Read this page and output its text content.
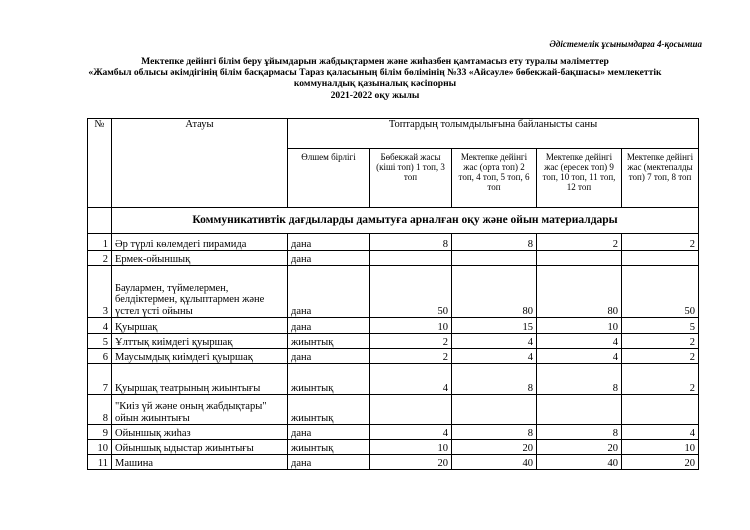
Әдістемелік ұсынымдарға 4-қосымша
Мектепке дейінгі білім беру ұйымдарын жабдықтармен және жиһазбен қамтамасыз ету туралы мәліметтер
«Жамбыл облысы әкімдігінің білім басқармасы Тараз қаласының білім бөлімінің №33 «Айсәуле» бөбекжай-бақшасы» мемлекеттік
коммуналдық қазыналық кәсіпорны
2021-2022 оқу жылы
№	Атауы	Топтардың толымдылығына байланысты саны				
		Өлшем бірлігі	Бөбекжай жасы (кіші топ) 1 топ, 3 топ	Мектепке дейінгі жас (орта топ) 2 топ, 4 топ, 5 топ, 6 топ	Мектепке дейінгі жас (ересек топ) 9 топ, 10 топ, 11 топ, 12 топ	Мектепке дейінгі жас (мектепалды топ) 7 топ, 8 топ
	Коммуникативтік дағдыларды дамытуға арналған оқу және ойын материалдары					
1	Әр түрлі көлемдегі пирамида	дана	8	8	2	2
2	Ермек-ойыншық	дана				
3	Баулармен, түймелермен, белдіктермен, құлыптармен және үстел үсті ойыны	дана	50	80	80	50
4	Қуыршақ	дана	10	15	10	5
5	Ұлттық киімдегі қуыршақ	жиынтық	2	4	4	2
6	Маусымдық киімдегі қуыршақ	дана	2	4	4	2
7	Қуыршақ театрының жиынтығы	жиынтық	4	8	8	2
8	"Киіз үй және оның жабдықтары" ойын жиынтығы	жиынтық				
9	Ойыншық жиһаз	дана	4	8	8	4
10	Ойыншық ыдыстар жиынтығы	жиынтық	10	20	20	10
11	Машина	дана	20	40	40	20
